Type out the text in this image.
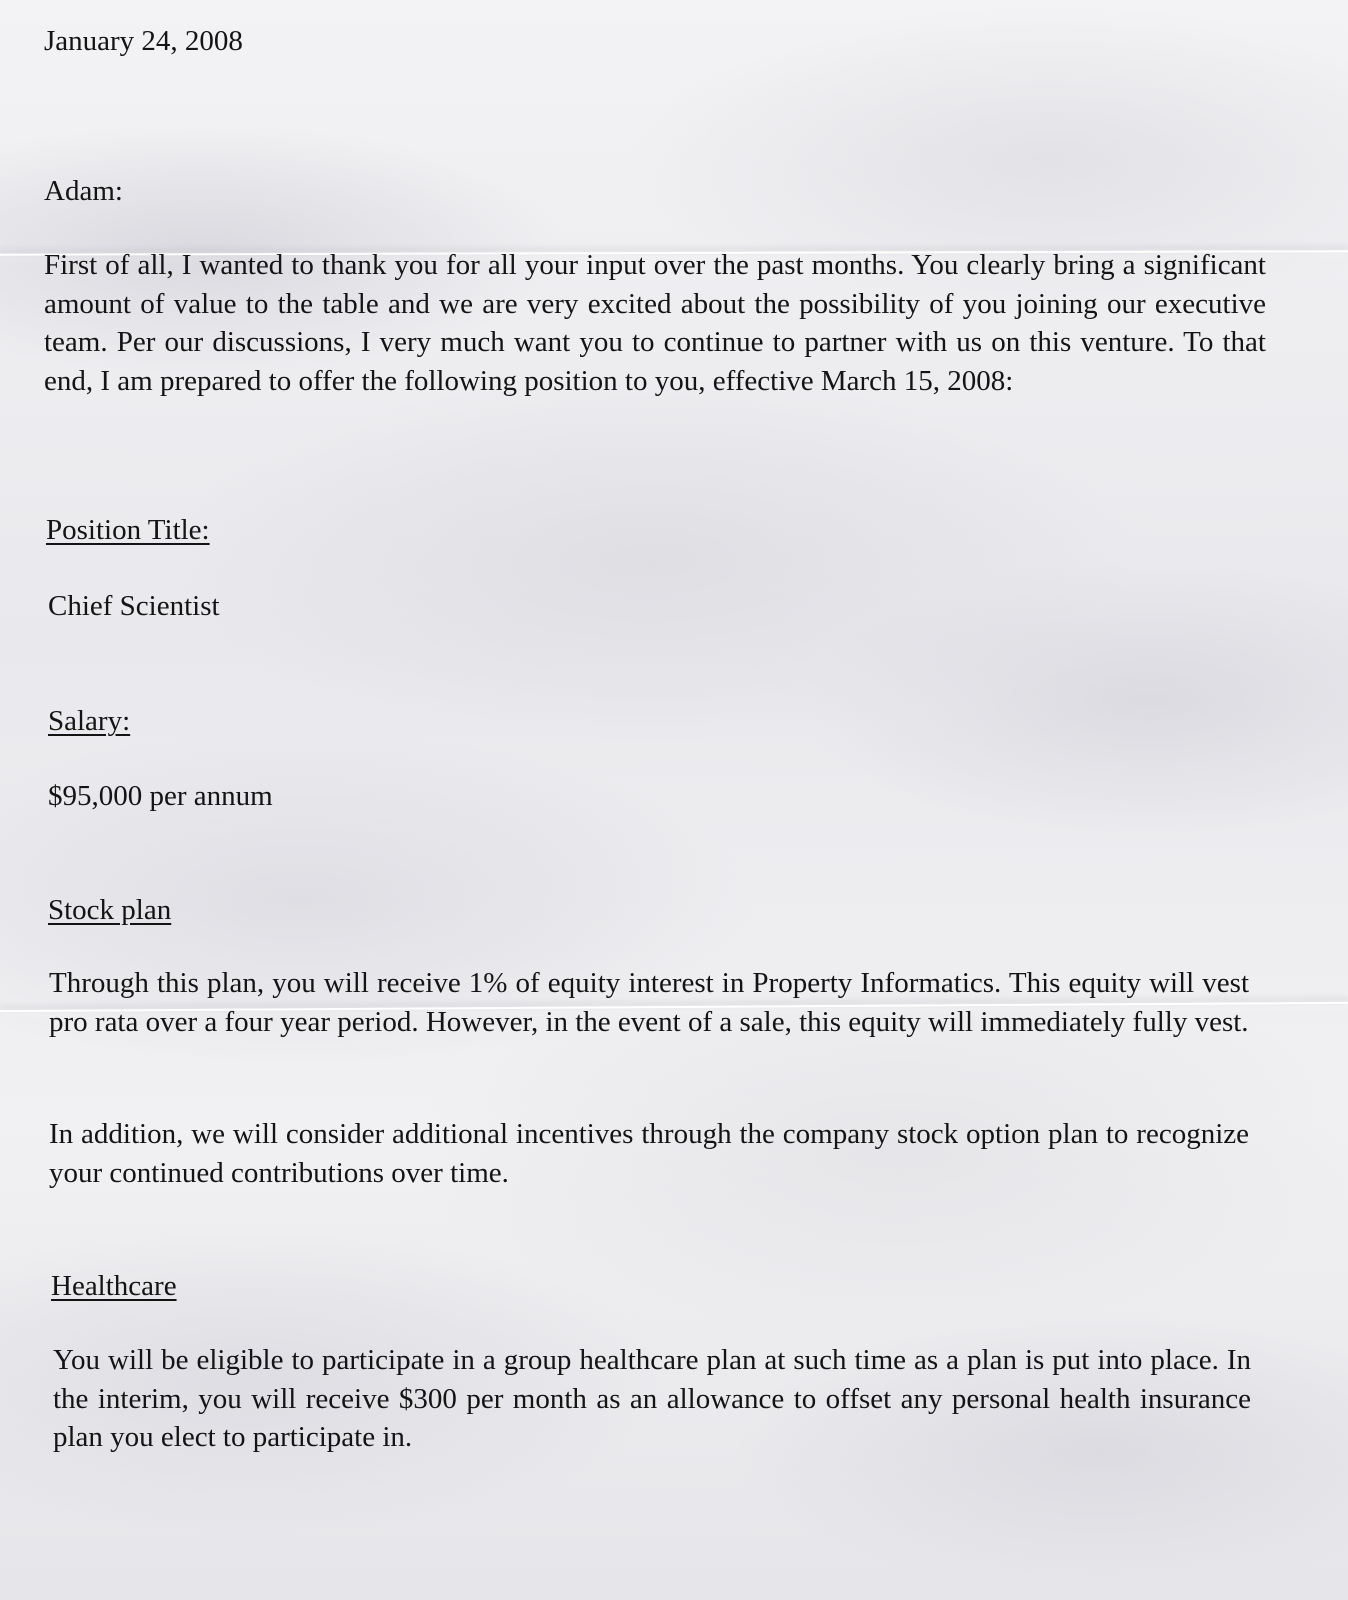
January 24, 2008
Adam:
First of all, I wanted to thank you for all your input over the past months. You clearly bring a significant amount of value to the table and we are very excited about the possibility of you joining our executive team. Per our discussions, I very much want you to continue to partner with us on this venture. To that end, I am prepared to offer the following position to you, effective March 15, 2008:
Position Title:
Chief Scientist
Salary:
$95,000 per annum
Stock plan
Through this plan, you will receive 1% of equity interest in Property Informatics. This equity will vest pro rata over a four year period. However, in the event of a sale, this equity will immediately fully vest.
In addition, we will consider additional incentives through the company stock option plan to recognize your continued contributions over time.
Healthcare
You will be eligible to participate in a group healthcare plan at such time as a plan is put into place. In the interim, you will receive $300 per month as an allowance to offset any personal health insurance plan you elect to participate in.
